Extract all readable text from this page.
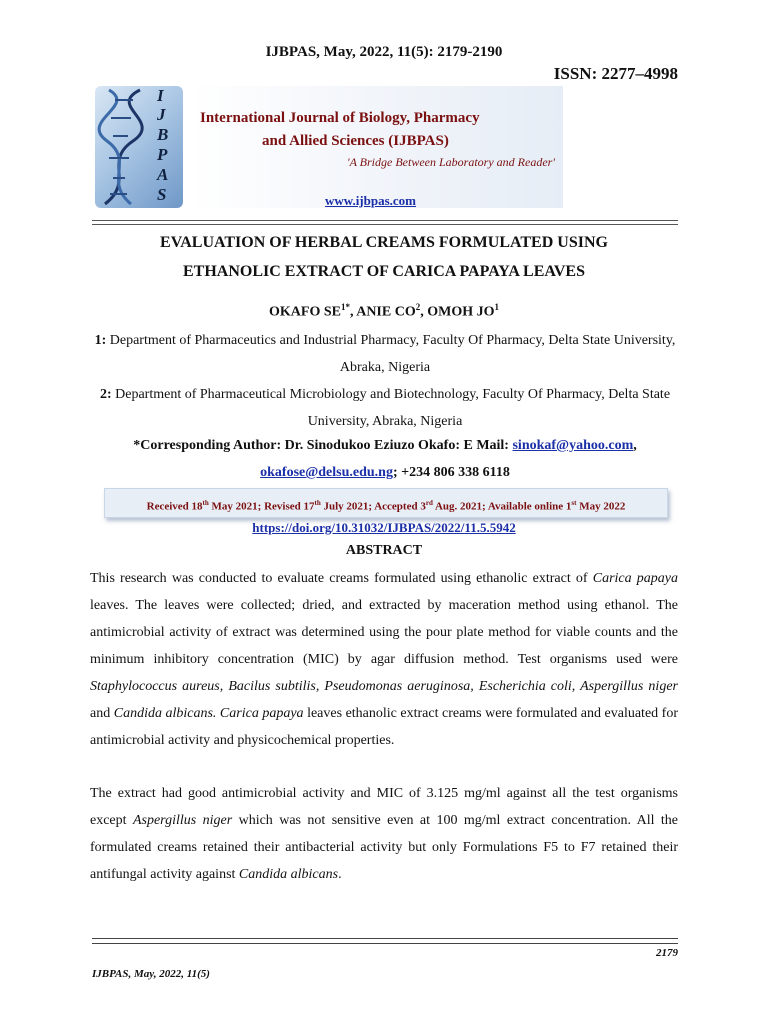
IJBPAS, May, 2022, 11(5): 2179-2190
ISSN: 2277–4998
I
J
B
P
A
S
International Journal of Biology, Pharmacy
and Allied Sciences (IJBPAS)
'A Bridge Between Laboratory and Reader'
www.ijbpas.com
EVALUATION OF HERBAL CREAMS FORMULATED USING
ETHANOLIC EXTRACT OF CARICA PAPAYA LEAVES
OKAFO $SE^{1*}$, ANIE $CO^2$, OMOH $JO^1$
1: Department of Pharmaceutics and Industrial Pharmacy, Faculty Of Pharmacy, Delta State University, Abraka, Nigeria
2: Department of Pharmaceutical Microbiology and Biotechnology, Faculty Of Pharmacy, Delta State University, Abraka, Nigeria
*Corresponding Author: Dr. Sinodukoo Eziuzo Okafo: E Mail: sinokaf@yahoo.com,
okafose@delsu.edu.ng; +234 806 338 6118
Received 18th May 2021; Revised 17th July 2021; Accepted 3rd Aug. 2021; Available online 1st May 2022
https://doi.org/10.31032/IJBPAS/2022/11.5.5942
ABSTRACT
This research was conducted to evaluate creams formulated using ethanolic extract of Carica papaya leaves. The leaves were collected; dried, and extracted by maceration method using ethanol. The antimicrobial activity of extract was determined using the pour plate method for viable counts and the minimum inhibitory concentration (MIC) by agar diffusion method. Test organisms used were Staphylococcus aureus, Bacilus subtilis, Pseudomonas aeruginosa, Escherichia coli, Aspergillus niger and Candida albicans. Carica papaya leaves ethanolic extract creams were formulated and evaluated for antimicrobial activity and physicochemical properties.
The extract had good antimicrobial activity and MIC of 3.125 mg/ml against all the test organisms except Aspergillus niger which was not sensitive even at 100 mg/ml extract concentration. All the formulated creams retained their antibacterial activity but only Formulations F5 to F7 retained their antifungal activity against Candida albicans.
2179
IJBPAS, May, 2022, 11(5)
